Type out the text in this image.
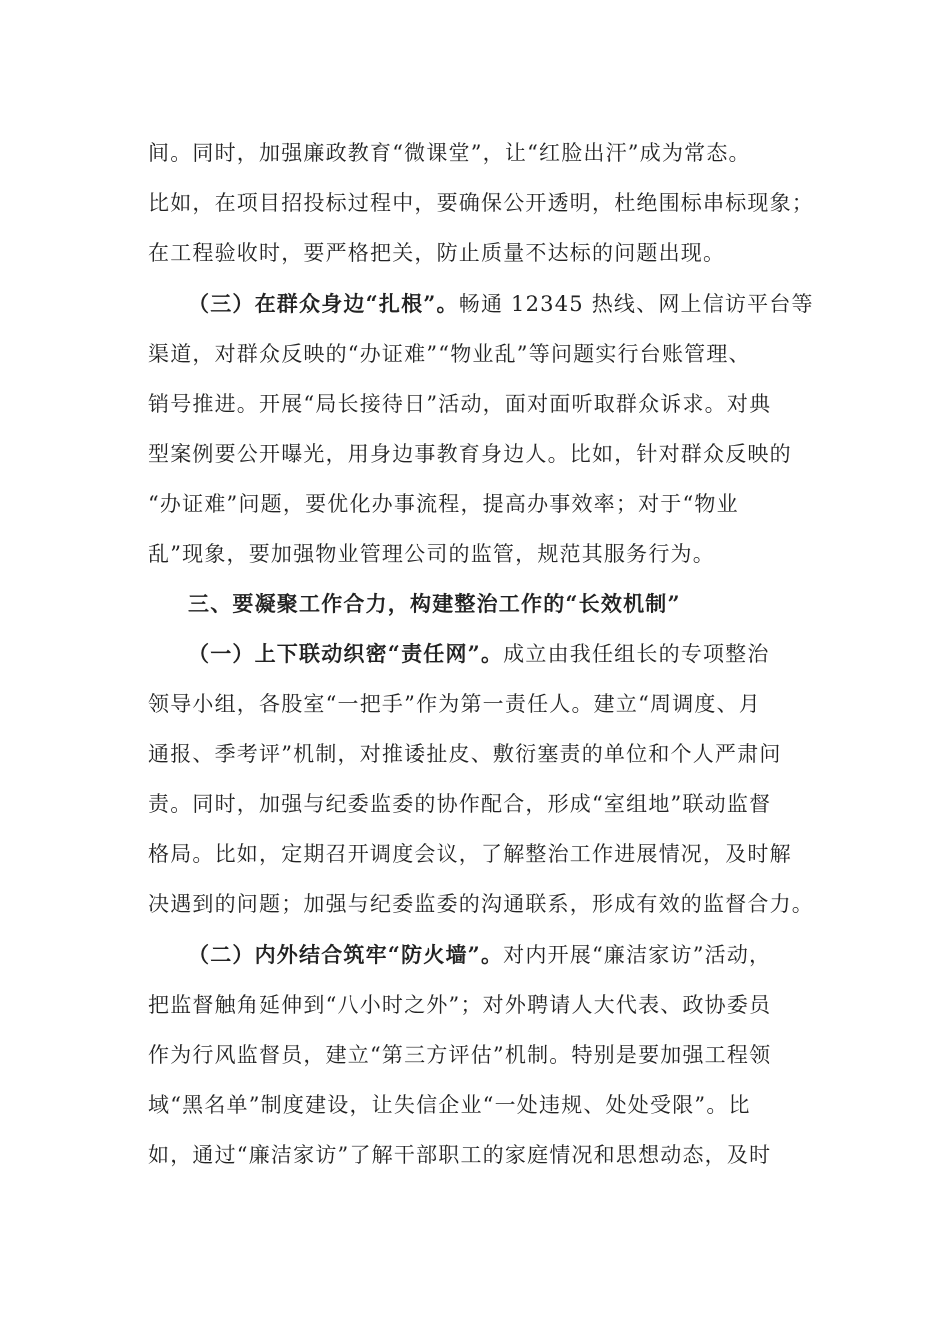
间。同时，加强廉政教育“微课堂”，让“红脸出汗”成为常态。
比如，在项目招投标过程中，要确保公开透明，杜绝围标串标现象；
在工程验收时，要严格把关，防止质量不达标的问题出现。
（三）在群众身边“扎根”。畅通 12345 热线、网上信访平台等
渠道，对群众反映的“办证难”“物业乱”等问题实行台账管理、
销号推进。开展“局长接待日”活动，面对面听取群众诉求。对典
型案例要公开曝光，用身边事教育身边人。比如，针对群众反映的
“办证难”问题，要优化办事流程，提高办事效率；对于“物业
乱”现象，要加强物业管理公司的监管，规范其服务行为。
三、要凝聚工作合力，构建整治工作的“长效机制”
（一）上下联动织密“责任网”。成立由我任组长的专项整治
领导小组，各股室“一把手”作为第一责任人。建立“周调度、月
通报、季考评”机制，对推诿扯皮、敷衍塞责的单位和个人严肃问
责。同时，加强与纪委监委的协作配合，形成“室组地”联动监督
格局。比如，定期召开调度会议，了解整治工作进展情况，及时解
决遇到的问题；加强与纪委监委的沟通联系，形成有效的监督合力。
（二）内外结合筑牢“防火墙”。对内开展“廉洁家访”活动，
把监督触角延伸到“八小时之外”；对外聘请人大代表、政协委员
作为行风监督员，建立“第三方评估”机制。特别是要加强工程领
域“黑名单”制度建设，让失信企业“一处违规、处处受限”。比
如，通过“廉洁家访”了解干部职工的家庭情况和思想动态，及时
